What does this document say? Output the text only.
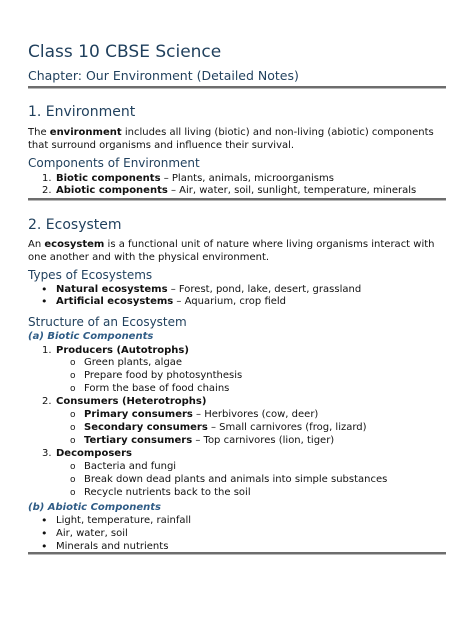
Class 10 CBSE Science
Chapter: Our Environment (Detailed Notes)
1. Environment

The environment includes all living (biotic) and non-living (abiotic) components that surround organisms and influence their survival.

Components of Environment
1. Biotic components – Plants, animals, microorganisms
2. Abiotic components – Air, water, soil, sunlight, temperature, minerals
2. Ecosystem

An ecosystem is a functional unit of nature where living organisms interact with one another and with the physical environment.

Types of Ecosystems
• Natural ecosystems – Forest, pond, lake, desert, grassland
• Artificial ecosystems – Aquarium, crop field
Structure of an Ecosystem
(a) Biotic Components
1. Producers (Autotrophs)
o Green plants, algae
o Prepare food by photosynthesis
o Form the base of food chains
2. Consumers (Heterotrophs)
o Primary consumers – Herbivores (cow, deer)
o Secondary consumers – Small carnivores (frog, lizard)
o Tertiary consumers – Top carnivores (lion, tiger)
3. Decomposers
o Bacteria and fungi
o Break down dead plants and animals into simple substances
o Recycle nutrients back to the soil
(b) Abiotic Components
• Light, temperature, rainfall
• Air, water, soil
• Minerals and nutrients
